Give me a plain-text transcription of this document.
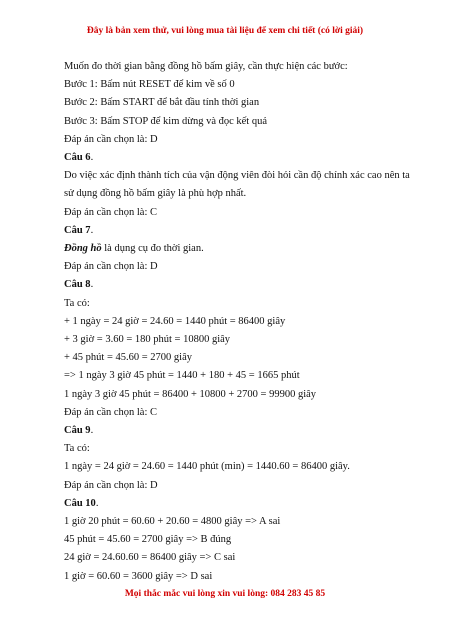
Đây là bản xem thử, vui lòng mua tài liệu để xem chi tiết (có lời giải)
Muốn đo thời gian bằng đồng hồ bấm giây, cần thực hiện các bước:
Bước 1: Bấm nút RESET để kim về số 0
Bước 2: Bấm START để bắt đầu tính thời gian
Bước 3: Bấm STOP để kim dừng và đọc kết quả
Đáp án cần chọn là: D
Câu 6.
Do việc xác định thành tích của vận động viên đòi hỏi cần độ chính xác cao nên ta sử dụng đồng hồ bấm giây là phù hợp nhất.
Đáp án cần chọn là: C
Câu 7.
Đồng hồ là dụng cụ đo thời gian.
Đáp án cần chọn là: D
Câu 8.
Ta có:
+ 1 ngày = 24 giờ = 24.60 = 1440 phút = 86400 giây
+ 3 giờ = 3.60 = 180 phút = 10800 giây
+ 45 phút = 45.60 = 2700 giây
=> 1 ngày 3 giờ 45 phút = 1440 + 180 + 45 = 1665 phút
1 ngày 3 giờ 45 phút = 86400 + 10800 + 2700 = 99900 giây
Đáp án cần chọn là: C
Câu 9.
Ta có:
1 ngày = 24 giờ = 24.60 = 1440 phút (min) = 1440.60 = 86400 giây.
Đáp án cần chọn là: D
Câu 10.
1 giờ 20 phút = 60.60 + 20.60 = 4800 giây => A sai
45 phút = 45.60 = 2700 giây => B đúng
24 giờ = 24.60.60 = 86400 giây => C sai
1 giờ = 60.60 = 3600 giây => D sai
Mọi thắc mắc vui lòng xin vui lòng: 084 283 45 85
